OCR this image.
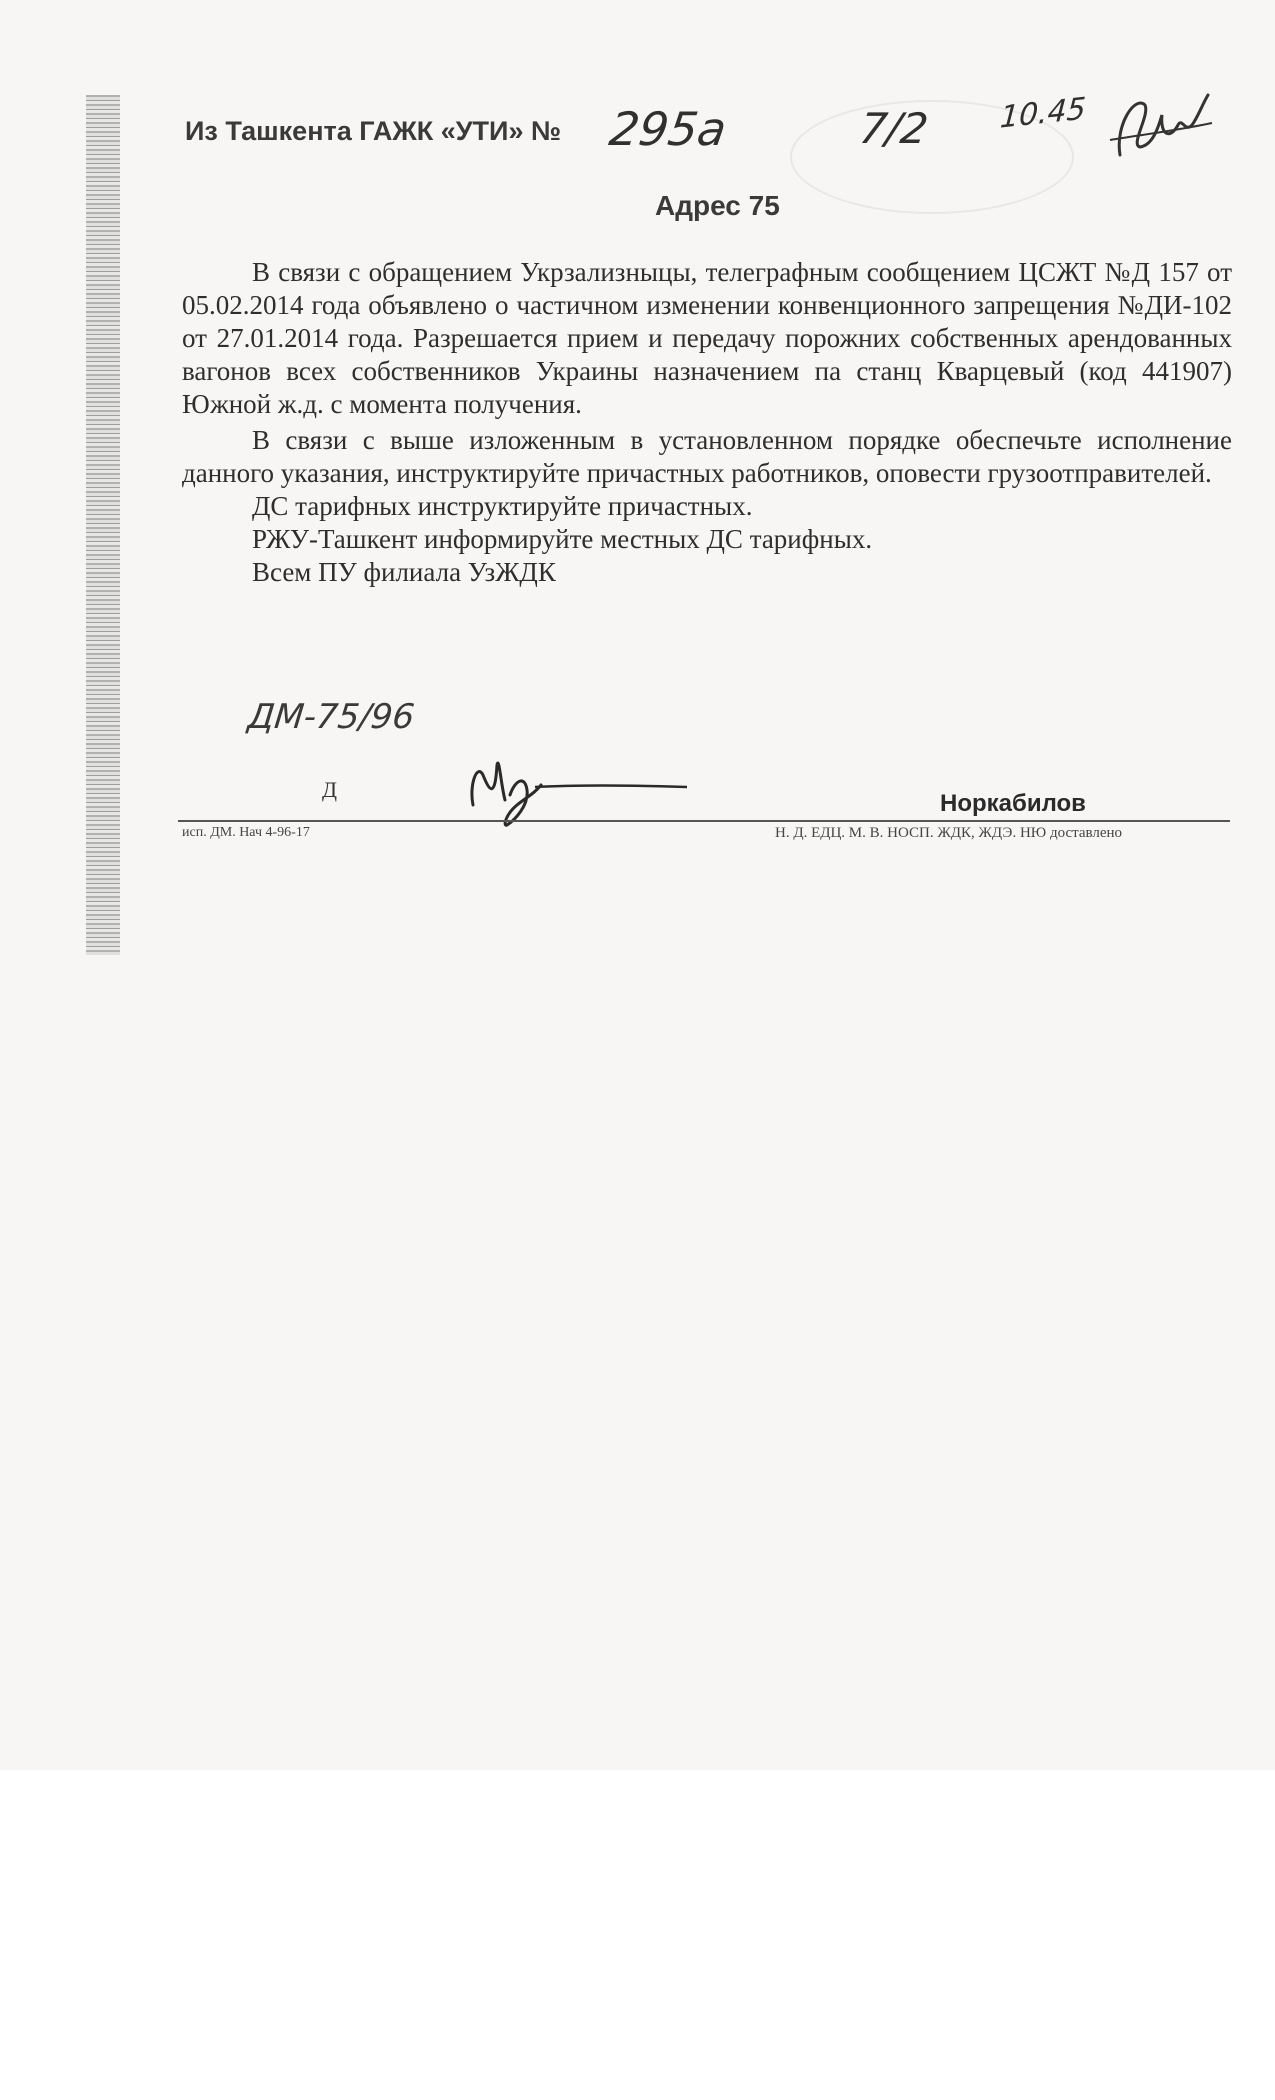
Из Ташкента ГАЖК «УТИ» № 295а	7/2 10.45
Адрес 75

В связи с обращением Укрзализныцы, телеграфным сообщением ЦСЖТ №Д 157 от 05.02.2014 года объявлено о частичном изменении конвенционного запрещения №ДИ-102 от 27.01.2014 года. Разрешается прием и передачу порожних собственных арендованных вагонов всех собственников Украины назначением па станц Кварцевый (код 441907) Южной ж.д. с момента получения.

В связи с выше изложенным в установленном порядке обеспечьте исполнение данного указания, инструктируйте причастных работников, оповести грузоотправителей.

ДС тарифных инструктируйте причастных.
РЖУ-Ташкент информируйте местных ДС тарифных.
Всем ПУ филиала УзЖДК
ДМ-75/96
Д
Норкабилов
исп. ДМ. Нач 4-96-17	Н. Д. ЕДЦ. М. В. НОСП. ЖДК, ЖДЭ. НЮ доставлено
